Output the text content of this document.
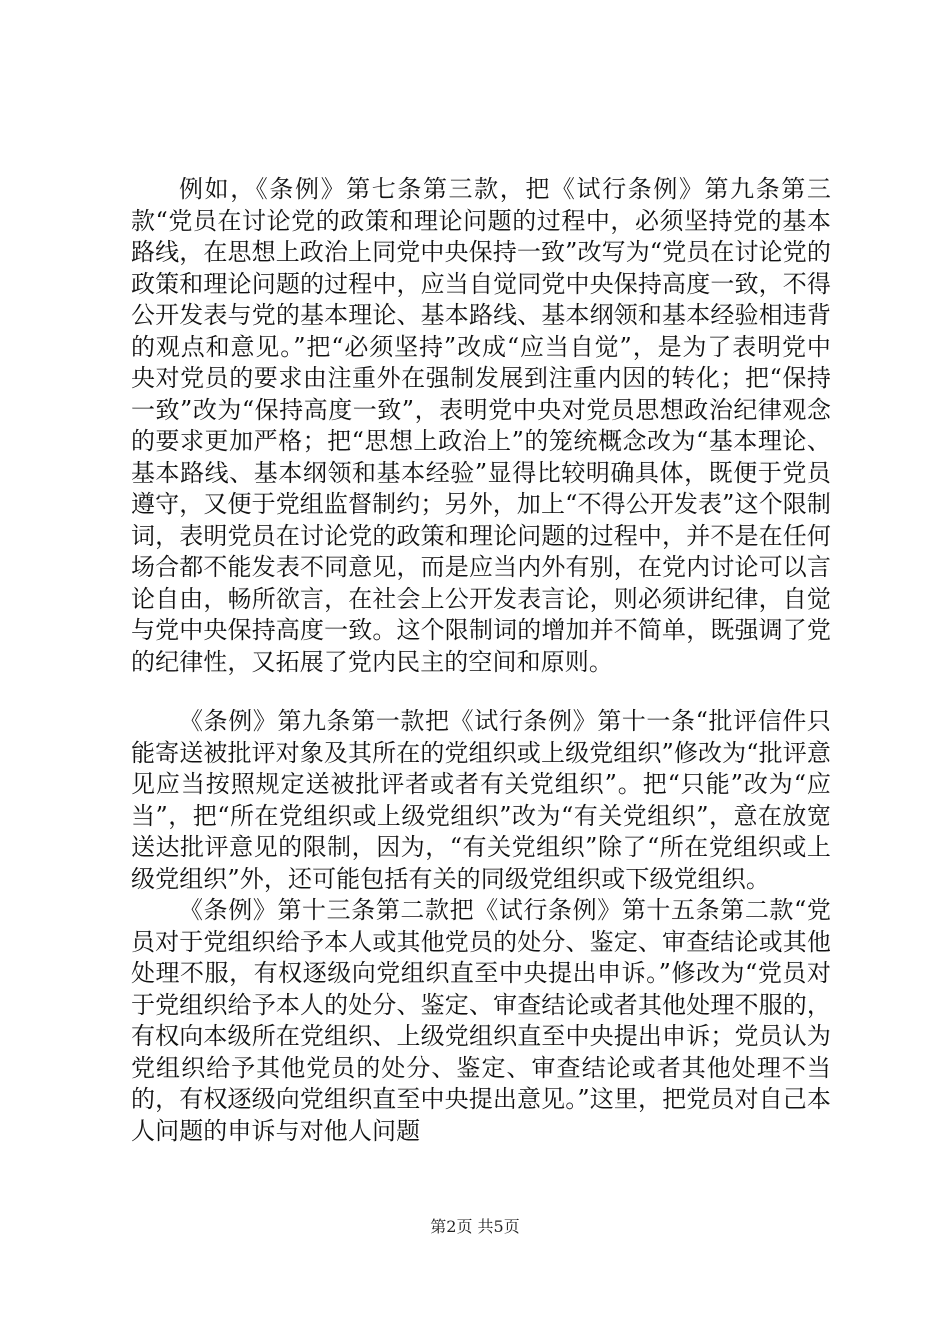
例如，《条例》第七条第三款，把《试行条例》第九条第三款“党员在讨论党的政策和理论问题的过程中，必须坚持党的基本路线，在思想上政治上同党中央保持一致”改写为“党员在讨论党的政策和理论问题的过程中，应当自觉同党中央保持高度一致，不得公开发表与党的基本理论、基本路线、基本纲领和基本经验相违背的观点和意见。”把“必须坚持”改成“应当自觉”，是为了表明党中央对党员的要求由注重外在强制发展到注重内因的转化；把“保持一致”改为“保持高度一致”，表明党中央对党员思想政治纪律观念的要求更加严格；把“思想上政治上”的笼统概念改为“基本理论、基本路线、基本纲领和基本经验”显得比较明确具体，既便于党员遵守，又便于党组监督制约；另外，加上“不得公开发表”这个限制词，表明党员在讨论党的政策和理论问题的过程中，并不是在任何场合都不能发表不同意见，而是应当内外有别，在党内讨论可以言论自由，畅所欲言，在社会上公开发表言论，则必须讲纪律，自觉与党中央保持高度一致。这个限制词的增加并不简单，既强调了党的纪律性，又拓展了党内民主的空间和原则。

《条例》第九条第一款把《试行条例》第十一条“批评信件只能寄送被批评对象及其所在的党组织或上级党组织”修改为“批评意见应当按照规定送被批评者或者有关党组织”。把“只能”改为“应当”，把“所在党组织或上级党组织”改为“有关党组织”，意在放宽送达批评意见的限制，因为，“有关党组织”除了“所在党组织或上级党组织”外，还可能包括有关的同级党组织或下级党组织。

《条例》第十三条第二款把《试行条例》第十五条第二款“党员对于党组织给予本人或其他党员的处分、鉴定、审查结论或其他处理不服，有权逐级向党组织直至中央提出申诉。”修改为“党员对于党组织给予本人的处分、鉴定、审查结论或者其他处理不服的，有权向本级所在党组织、上级党组织直至中央提出申诉；党员认为党组织给予其他党员的处分、鉴定、审查结论或者其他处理不当的，有权逐级向党组织直至中央提出意见。”这里，把党员对自己本人问题的申诉与对他人问题

第2页 共5页
